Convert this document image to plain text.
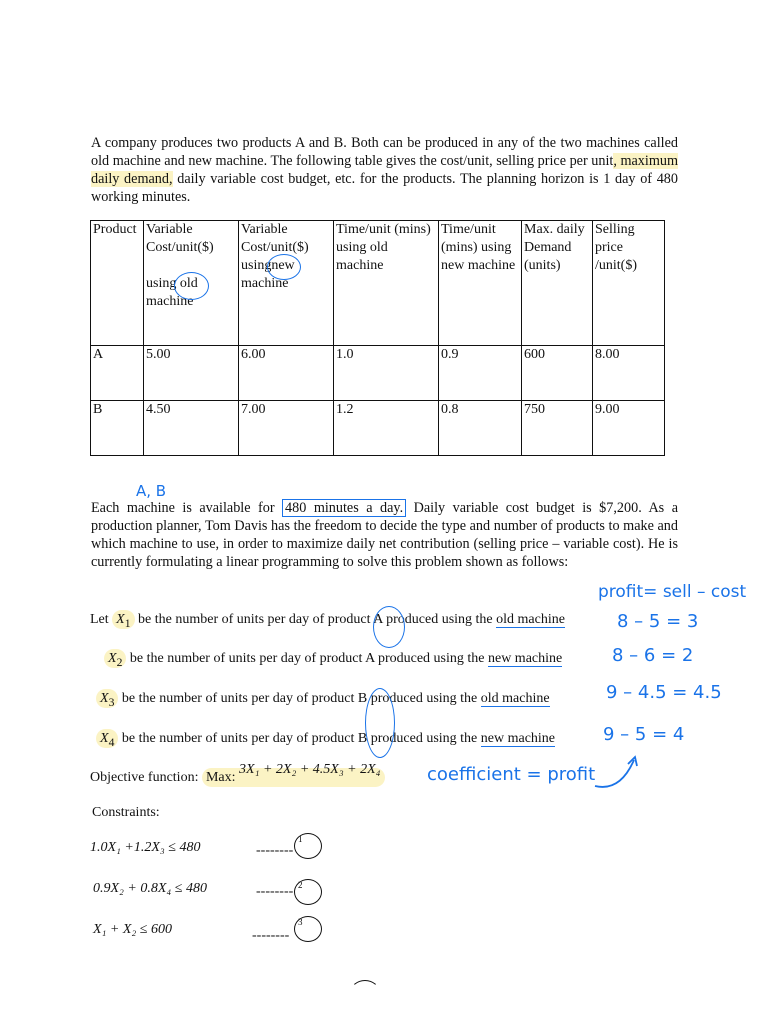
A company produces two products A and B. Both can be produced in any of the two machines called old machine and new machine. The following table gives the cost/unit, selling price per unit, maximum daily demand, daily variable cost budget, etc. for the products. The planning horizon is 1 day of 480 working minutes.
Product	Variable
Cost/unit($)

using old

machine	Variable
Cost/unit($)
usingnew

machine	Time/unit (mins) using old machine	Time/unit (mins) using new machine	Max. daily Demand (units)	Selling price /unit($)
A	5.00	6.00	1.0	0.9	600	8.00
B	4.50	7.00	1.2	0.8	750	9.00
A, B
Each machine is available for 480 minutes a day. Daily variable cost budget is $7,200. As a production planner, Tom Davis has the freedom to decide the type and number of products to make and which machine to use, in order to maximize daily net contribution (selling price – variable cost). He is currently formulating a linear programming to solve this problem shown as follows:
profit= sell – cost
Let $X_1$ be the number of units per day of product A produced using the old machine
$X_2$ be the number of units per day of product A produced using the new machine
$X_3$ be the number of units per day of product B produced using the old machine
$X_4$ be the number of units per day of product B produced using the new machine
8 – 5 = 3
8 – 6 = 2
9 – 4.5 = 4.5
9 – 5 = 4
Objective function: Max: 3X₁ + 2X₂ + 4.5X₃ + 2X₄	coefficient = profit
Constraints:
1.0X₁ +1.2X₃ ≤ 480	--------
1
0.9X₂ + 0.8X₄ ≤ 480	-------- 2
X₁ + X₂ ≤ 600	--------
3
